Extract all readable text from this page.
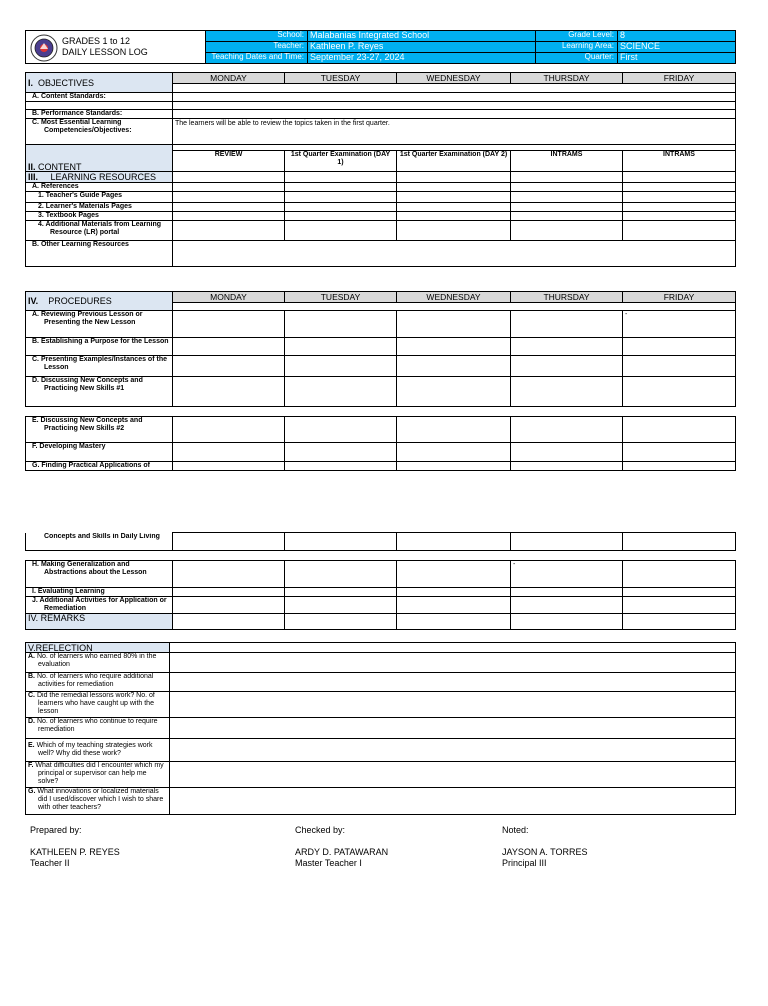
GRADES 1 to 12
DAILY LESSON LOG	School:	Malabanias Integrated School	Grade Level:	8
	Teacher:	Kathleen P. Reyes	Learning Area:	SCIENCE
	Teaching Dates and Time:	September 23-27, 2024	Quarter:	First
I. OBJECTIVES	MONDAY	TUESDAY	WEDNESDAY	THURSDAY	FRIDAY

A. Content Standards:					

B. Performance Standards:					

C. Most Essential Learning
Competencies/Objectives:	The learners will be able to review the topics taken in the first quarter.				
II. CONTENT					
	REVIEW	1st Quarter Examination (DAY 1)	1st Quarter Examination (DAY 2)	INTRAMS	INTRAMS
III. LEARNING RESOURCES					
A. References					
1. Teacher's Guide Pages					
2. Learner's Materials Pages					
3. Textbook Pages					

4. Additional Materials from Learning
Resource (LR) portal					

B. Other Learning Resources					
IV. PROCEDURES	MONDAY	TUESDAY	WEDNESDAY	THURSDAY	FRIDAY

A. Reviewing Previous Lesson or
Presenting the New Lesson					-
B. Establishing a Purpose for the Lesson					

C. Presenting Examples/Instances of the
Lesson					

D. Discussing New Concepts and
Practicing New Skills #1					

E. Discussing New Concepts and
Practicing New Skills #2					

F. Developing Mastery					
G. Finding Practical Applications of					
Concepts and Skills in Daily Living					
H. Making Generalization and
Abstractions about the Lesson				-	
I. Evaluating Learning					

J. Additional Activities for Application or
Remediation					

IV. REMARKS					
V.REFLECTION	
A. No. of learners who earned 80% in the
evaluation	
B. No. of learners who require additional
activities for remediation	
C. Did the remedial lessons work? No. of
learners who have caught up with the
lesson	
D. No. of learners who continue to require
remediation	
E. Which of my teaching strategies work
well? Why did these work?	
F. What difficulties did I encounter which my
principal or supervisor can help me
solve?	
G. What innovations or localized materials
did I used/discover which I wish to share
with other teachers?	
Prepared by:
KATHLEEN P. REYES
Teacher II
Checked by:
ARDY D. PATAWARAN
Master Teacher I
Noted:
JAYSON A. TORRES
Principal III
